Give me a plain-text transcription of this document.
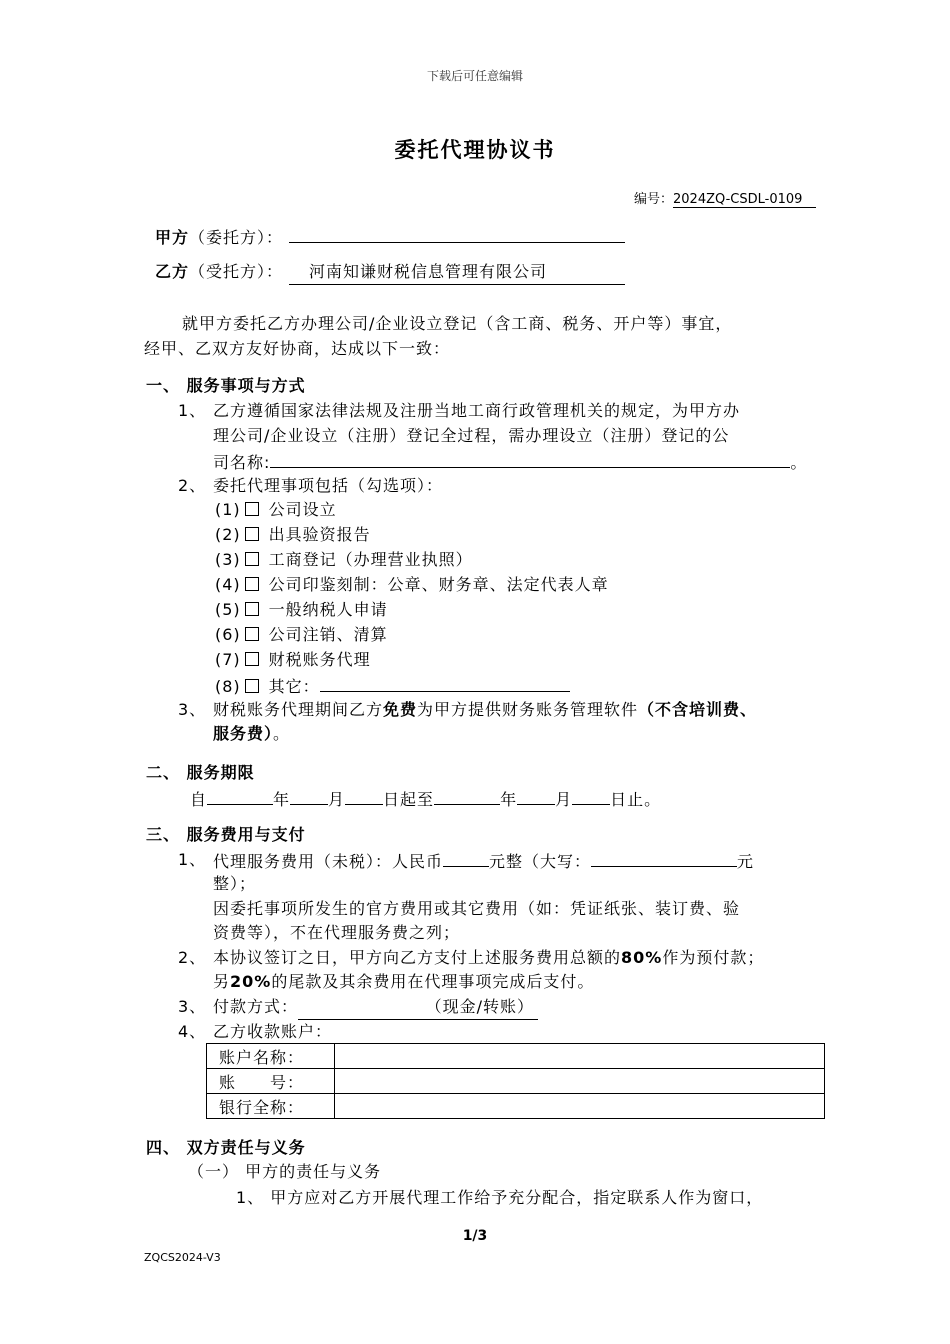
下载后可任意编辑
委托代理协议书
编号：2024ZQ-CSDL-0109
甲方（委托方）：
乙方（受托方）： 河南知谦财税信息管理有限公司
就甲方委托乙方办理公司/企业设立登记（含工商、税务、开户等）事宜，
经甲、乙双方友好协商，达成以下一致：
一、 服务事项与方式
1、 乙方遵循国家法律法规及注册当地工商行政管理机关的规定，为甲方办
理公司/企业设立（注册）登记全过程，需办理设立（注册）登记的公
司名称:	。
2、 委托代理事项包括（勾选项）：
(1) 公司设立
(2) 出具验资报告
(3) 工商登记（办理营业执照）
(4) 公司印鉴刻制：公章、财务章、法定代表人章
(5) 一般纳税人申请
(6) 公司注销、清算
(7) 财税账务代理
(8) 其它：
3、 财税账务代理期间乙方免费为甲方提供财务账务管理软件（不含培训费、
服务费）。
二、 服务期限
自	年 月 日起至	年 月 日止。
三、 服务费用与支付
1、 代理服务费用（未税）：人民币	元整（大写：	元
整）；
因委托事项所发生的官方费用或其它费用（如：凭证纸张、装订费、验
资费等），不在代理服务费之列；
2、 本协议签订之日，甲方向乙方支付上述服务费用总额的80%作为预付款；
另20%的尾款及其余费用在代理事项完成后支付。
3、 付款方式：	（现金/转账）
4、 乙方收款账户：
账户名称：	
账　　号：	
银行全称：	
四、 双方责任与义务
（一） 甲方的责任与义务
1、 甲方应对乙方开展代理工作给予充分配合，指定联系人作为窗口，
1/3
ZQCS2024-V3
